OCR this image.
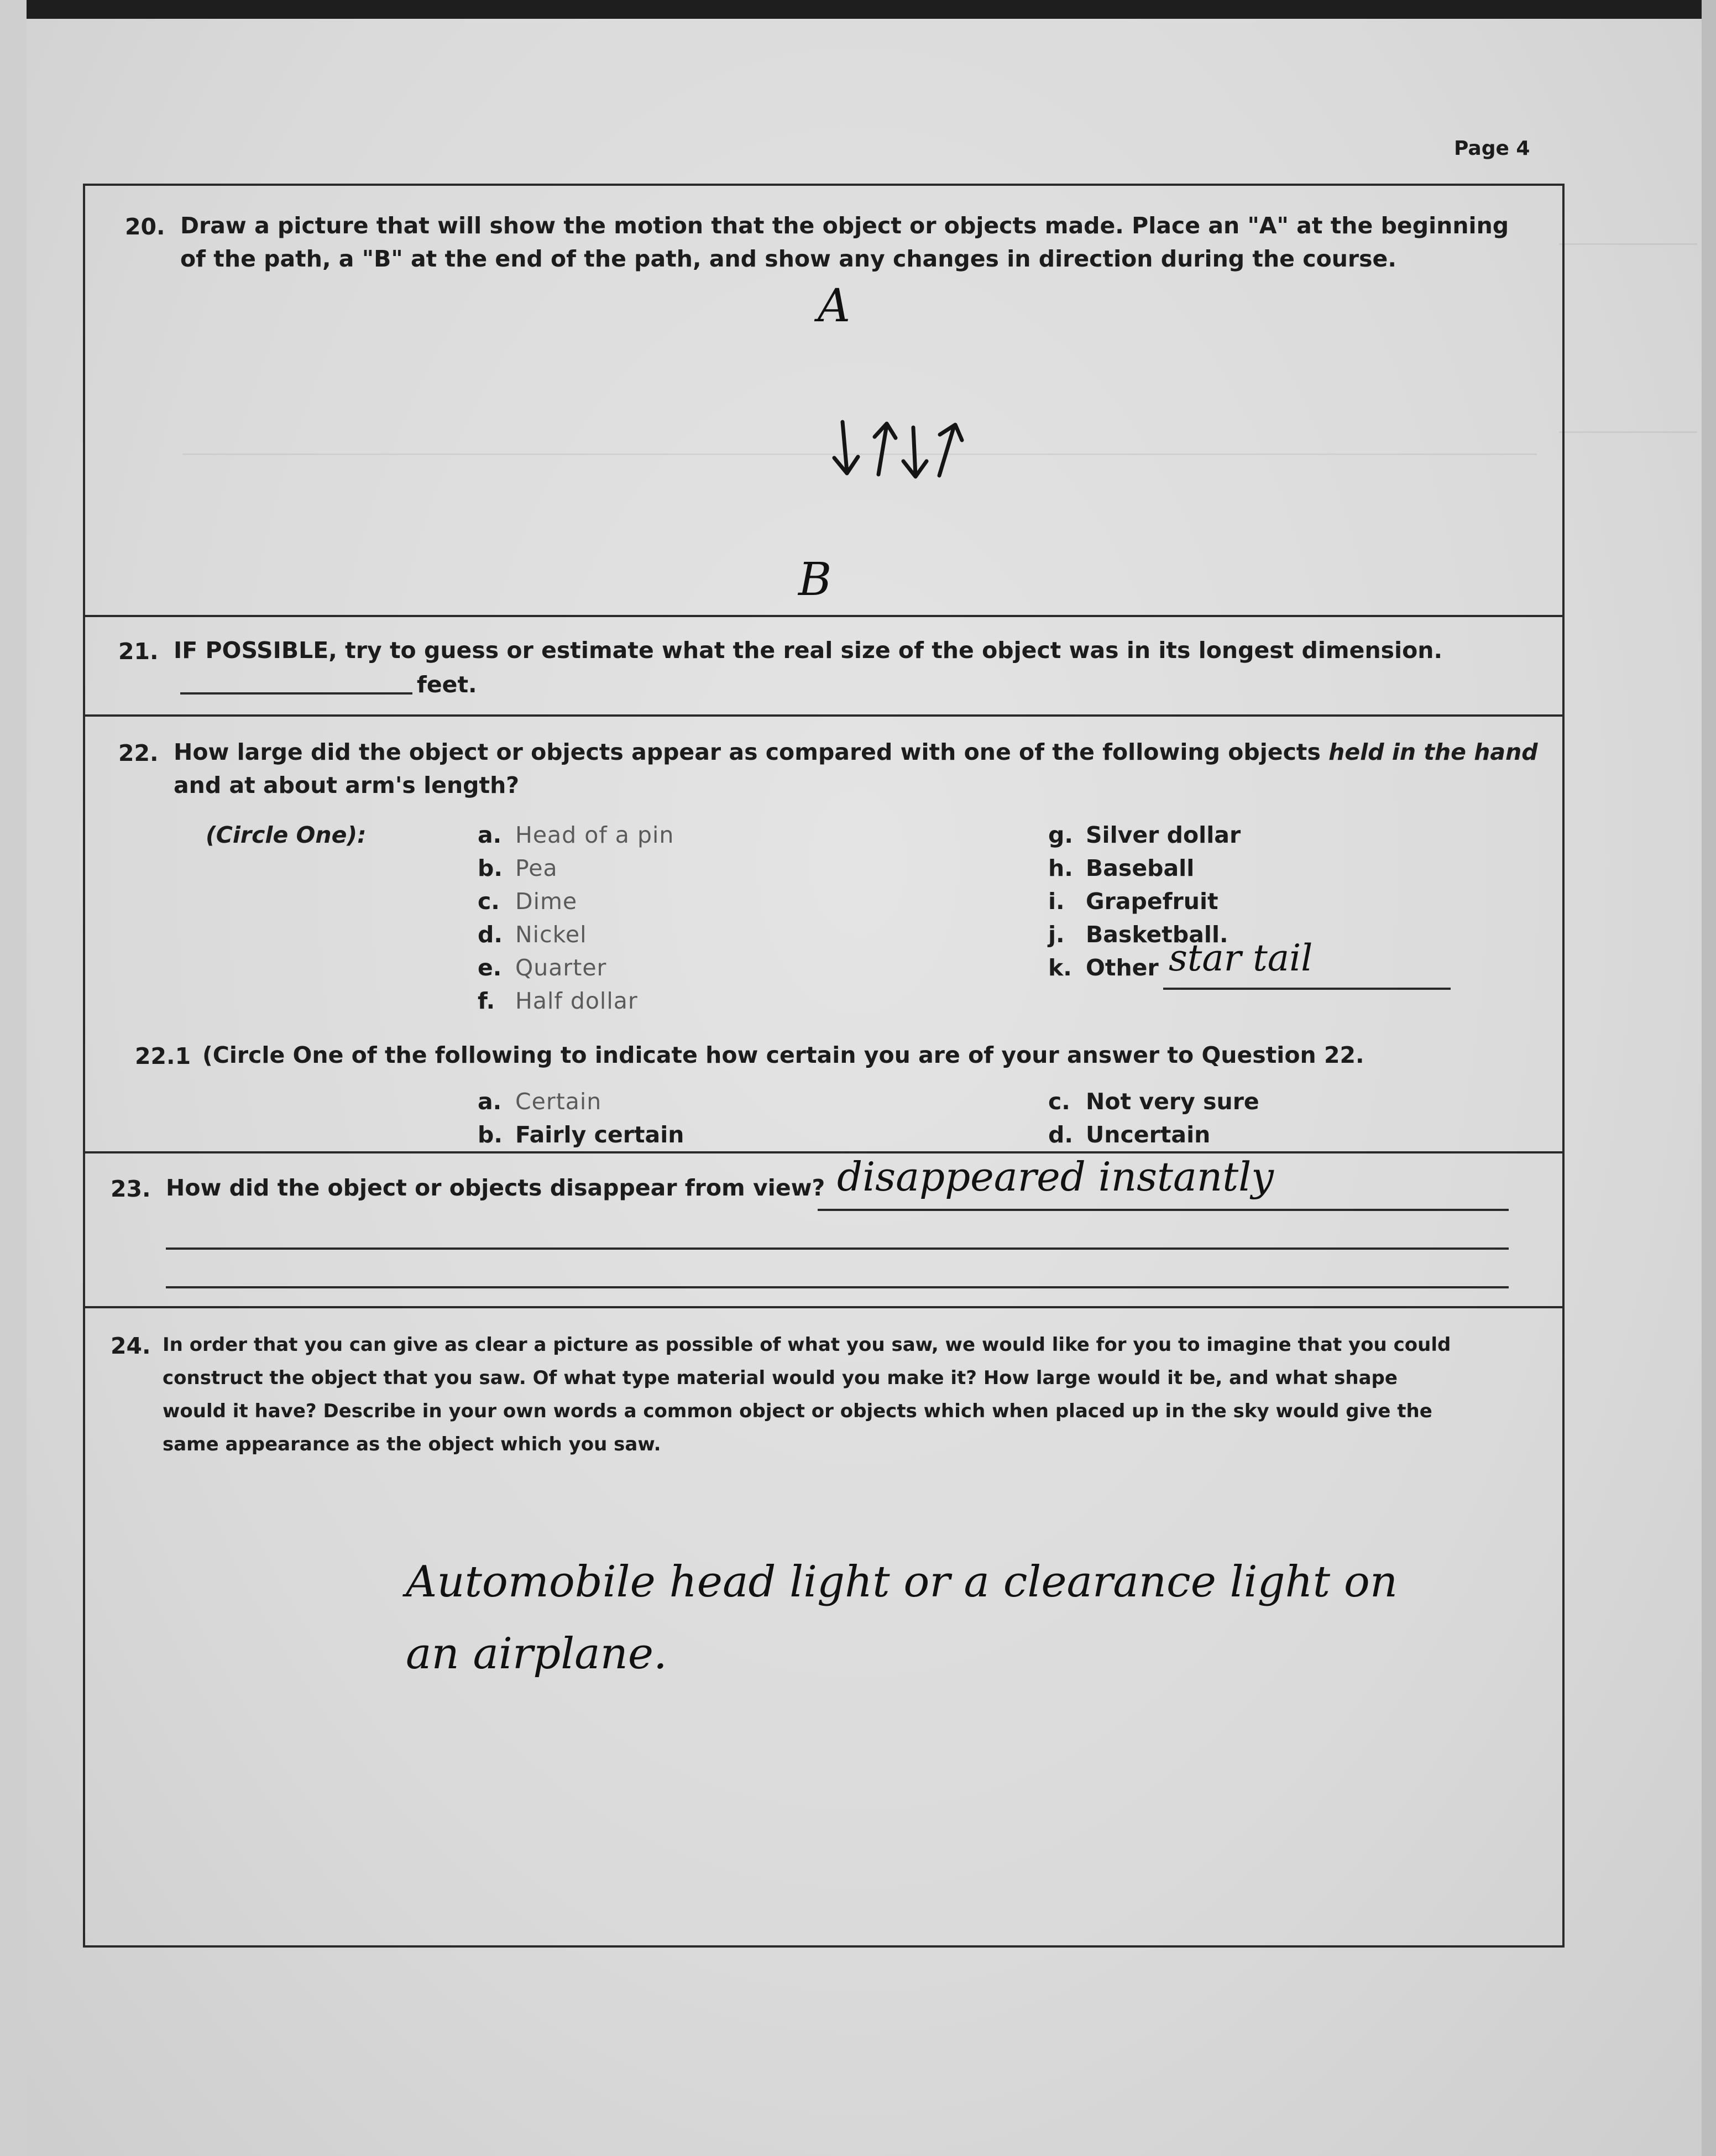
Page 4
20. Draw a picture that will show the motion that the object or objects made. Place an "A" at the beginning
of the path, a "B" at the end of the path, and show any changes in direction during the course.
A
B
21. IF POSSIBLE, try to guess or estimate what the real size of the object was in its longest dimension.
feet.
22. How large did the object or objects appear as compared with one of the following objects held in the hand
and at about arm's length?
(Circle One):	a. Head of a pin
b. Pea
c. Dime
d. Nickel
e. Quarter
f. Half dollar
g. Silver dollar
h. Baseball
i. Grapefruit
j. Basketball.
k. Other star tail
22.1 (Circle One of the following to indicate how certain you are of your answer to Question 22.
a. Certain
b. Fairly certain
c. Not very sure
d. Uncertain
23. How did the object or objects disappear from view? disappeared instantly
24. In order that you can give as clear a picture as possible of what you saw, we would like for you to imagine that you could
construct the object that you saw. Of what type material would you make it? How large would it be, and what shape
would it have? Describe in your own words a common object or objects which when placed up in the sky would give the
same appearance as the object which you saw.
Automobile head light or a clearance light on
an airplane.
